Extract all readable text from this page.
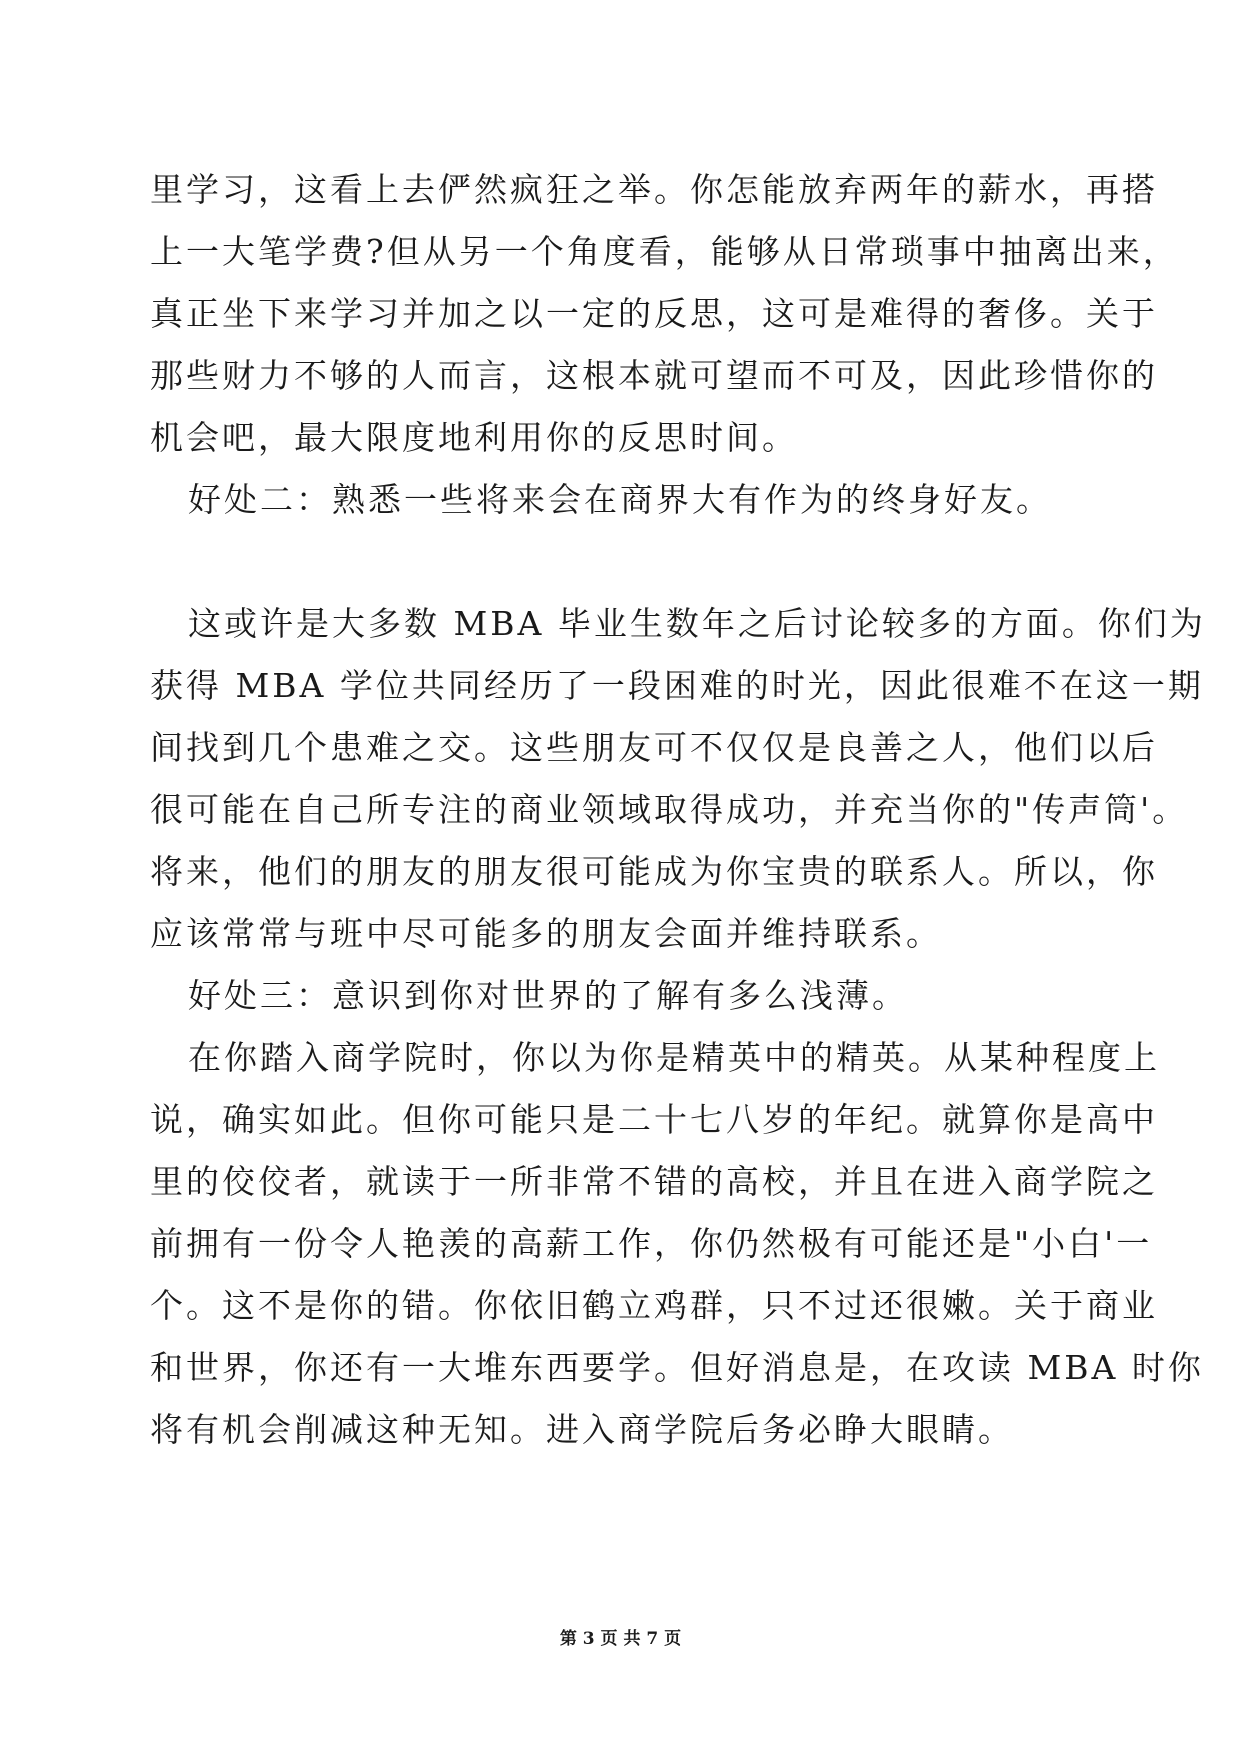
里学习，这看上去俨然疯狂之举。你怎能放弃两年的薪水，再搭
上一大笔学费?但从另一个角度看，能够从日常琐事中抽离出来，
真正坐下来学习并加之以一定的反思，这可是难得的奢侈。关于
那些财力不够的人而言，这根本就可望而不可及，因此珍惜你的
机会吧，最大限度地利用你的反思时间。
好处二：熟悉一些将来会在商界大有作为的终身好友。
这或许是大多数 MBA 毕业生数年之后讨论较多的方面。你们为
获得 MBA 学位共同经历了一段困难的时光，因此很难不在这一期
间找到几个患难之交。这些朋友可不仅仅是良善之人，他们以后
很可能在自己所专注的商业领域取得成功，并充当你的"传声筒'。
将来，他们的朋友的朋友很可能成为你宝贵的联系人。所以，你
应该常常与班中尽可能多的朋友会面并维持联系。
好处三：意识到你对世界的了解有多么浅薄。
在你踏入商学院时，你以为你是精英中的精英。从某种程度上
说，确实如此。但你可能只是二十七八岁的年纪。就算你是高中
里的佼佼者，就读于一所非常不错的高校，并且在进入商学院之
前拥有一份令人艳羡的高薪工作，你仍然极有可能还是"小白'一
个。这不是你的错。你依旧鹤立鸡群，只不过还很嫩。关于商业
和世界，你还有一大堆东西要学。但好消息是，在攻读 MBA 时你
将有机会削减这种无知。进入商学院后务必睁大眼睛。
第 3 页 共 7 页
